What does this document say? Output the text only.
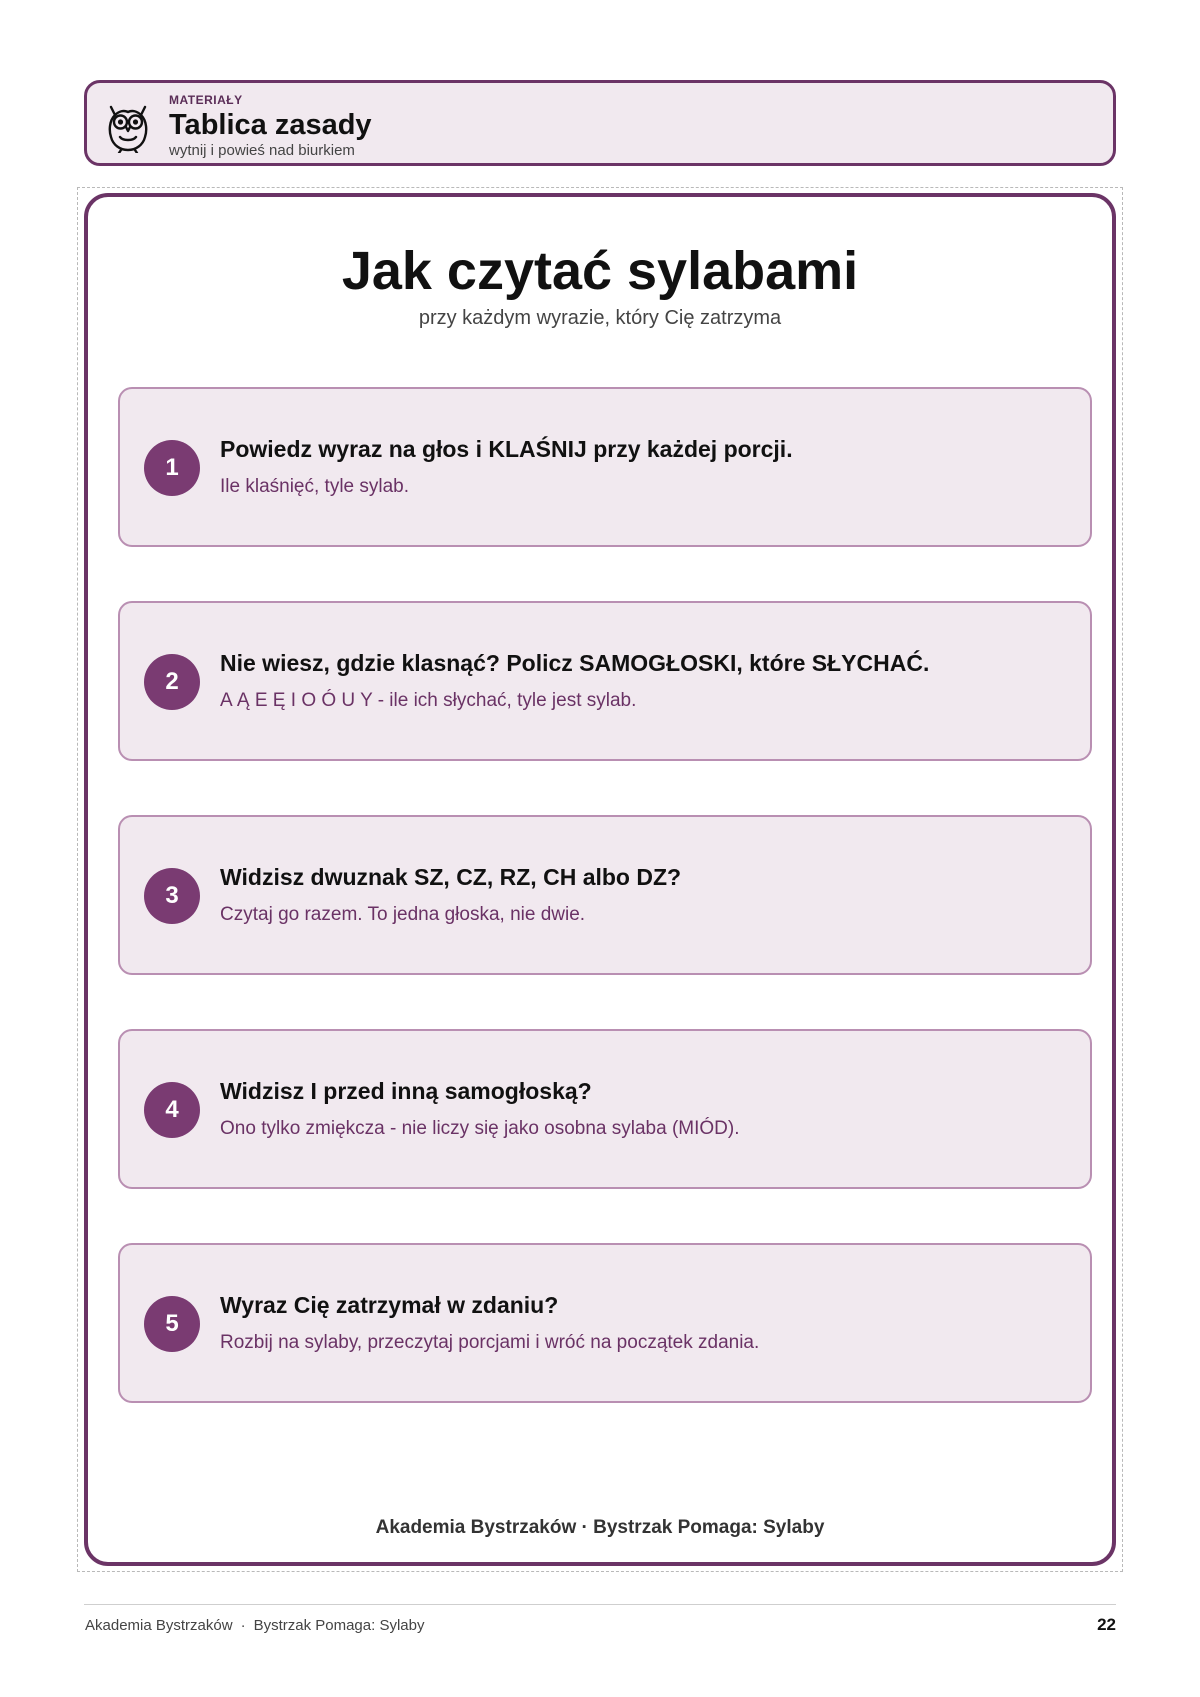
MATERIAŁY
Tablica zasady
wytnij i powieś nad biurkiem
Jak czytać sylabami
przy każdym wyrazie, który Cię zatrzyma
1
Powiedz wyraz na głos i KLAŚNIJ przy każdej porcji.
Ile klaśnięć, tyle sylab.
2
Nie wiesz, gdzie klasnąć? Policz SAMOGŁOSKI, które SŁYCHAĆ.
A Ą E Ę I O Ó U Y - ile ich słychać, tyle jest sylab.
3
Widzisz dwuznak SZ, CZ, RZ, CH albo DZ?
Czytaj go razem. To jedna głoska, nie dwie.
4
Widzisz I przed inną samogłoską?
Ono tylko zmiękcza - nie liczy się jako osobna sylaba (MIÓD).
5
Wyraz Cię zatrzymał w zdaniu?
Rozbij na sylaby, przeczytaj porcjami i wróć na początek zdania.
Akademia Bystrzaków · Bystrzak Pomaga: Sylaby
Akademia Bystrzaków · Bystrzak Pomaga: Sylaby	22
